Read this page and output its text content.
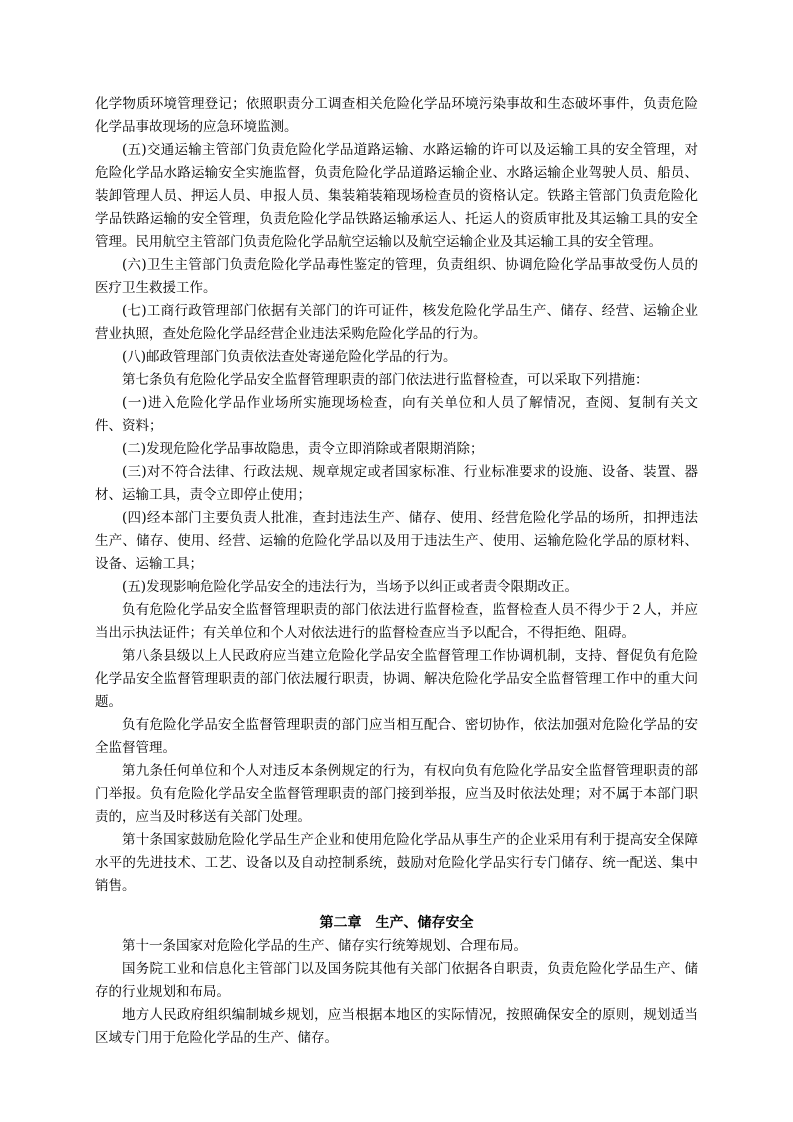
化学物质环境管理登记；依照职责分工调查相关危险化学品环境污染事故和生态破坏事件，负责危险化学品事故现场的应急环境监测。

(五)交通运输主管部门负责危险化学品道路运输、水路运输的许可以及运输工具的安全管理，对危险化学品水路运输安全实施监督，负责危险化学品道路运输企业、水路运输企业驾驶人员、船员、装卸管理人员、押运人员、申报人员、集装箱装箱现场检查员的资格认定。铁路主管部门负责危险化学品铁路运输的安全管理，负责危险化学品铁路运输承运人、托运人的资质审批及其运输工具的安全管理。民用航空主管部门负责危险化学品航空运输以及航空运输企业及其运输工具的安全管理。

(六)卫生主管部门负责危险化学品毒性鉴定的管理，负责组织、协调危险化学品事故受伤人员的医疗卫生救援工作。

(七)工商行政管理部门依据有关部门的许可证件，核发危险化学品生产、储存、经营、运输企业营业执照，查处危险化学品经营企业违法采购危险化学品的行为。

(八)邮政管理部门负责依法查处寄递危险化学品的行为。

第七条负有危险化学品安全监督管理职责的部门依法进行监督检查，可以采取下列措施：

(一)进入危险化学品作业场所实施现场检查，向有关单位和人员了解情况，查阅、复制有关文件、资料；

(二)发现危险化学品事故隐患，责令立即消除或者限期消除；

(三)对不符合法律、行政法规、规章规定或者国家标准、行业标准要求的设施、设备、装置、器材、运输工具，责令立即停止使用；

(四)经本部门主要负责人批准，查封违法生产、储存、使用、经营危险化学品的场所，扣押违法生产、储存、使用、经营、运输的危险化学品以及用于违法生产、使用、运输危险化学品的原材料、设备、运输工具；

(五)发现影响危险化学品安全的违法行为，当场予以纠正或者责令限期改正。

负有危险化学品安全监督管理职责的部门依法进行监督检查，监督检查人员不得少于２人，并应当出示执法证件；有关单位和个人对依法进行的监督检查应当予以配合，不得拒绝、阻碍。

第八条县级以上人民政府应当建立危险化学品安全监督管理工作协调机制，支持、督促负有危险化学品安全监督管理职责的部门依法履行职责，协调、解决危险化学品安全监督管理工作中的重大问题。

负有危险化学品安全监督管理职责的部门应当相互配合、密切协作，依法加强对危险化学品的安全监督管理。

第九条任何单位和个人对违反本条例规定的行为，有权向负有危险化学品安全监督管理职责的部门举报。负有危险化学品安全监督管理职责的部门接到举报，应当及时依法处理；对不属于本部门职责的，应当及时移送有关部门处理。

第十条国家鼓励危险化学品生产企业和使用危险化学品从事生产的企业采用有利于提高安全保障水平的先进技术、工艺、设备以及自动控制系统，鼓励对危险化学品实行专门储存、统一配送、集中销售。

第二章　生产、储存安全

第十一条国家对危险化学品的生产、储存实行统筹规划、合理布局。

国务院工业和信息化主管部门以及国务院其他有关部门依据各自职责，负责危险化学品生产、储存的行业规划和布局。

地方人民政府组织编制城乡规划，应当根据本地区的实际情况，按照确保安全的原则，规划适当区域专门用于危险化学品的生产、储存。
